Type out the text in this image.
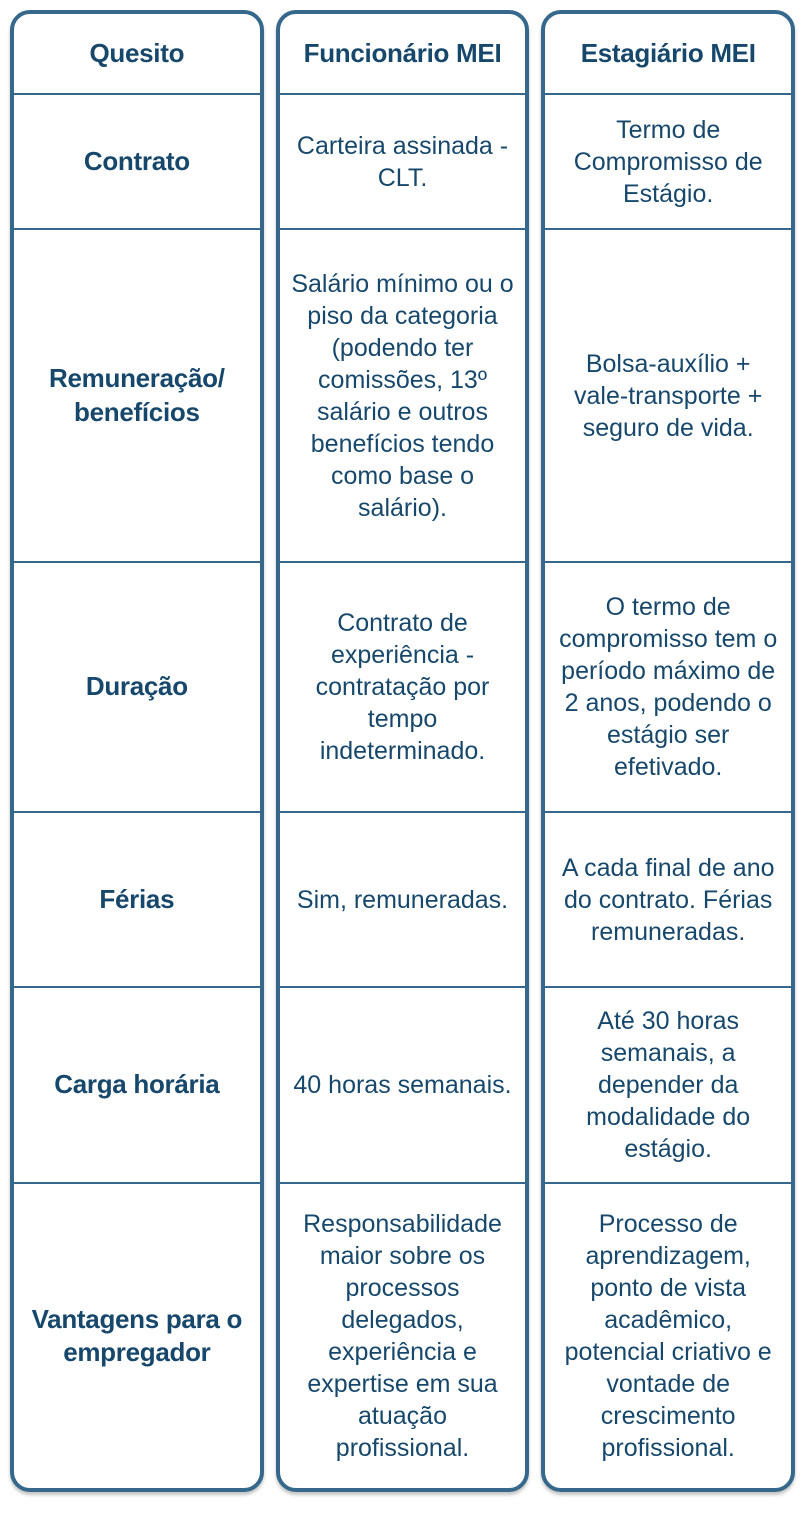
Quesito
Contrato
Remuneração/ benefícios
Duração
Férias
Carga horária
Vantagens para o empregador
Funcionário MEI
Carteira assinada - CLT.
Salário mínimo ou o piso da categoria (podendo ter comissões, 13º salário e outros benefícios tendo como base o salário).
Contrato de experiência - contratação por tempo indeterminado.
Sim, remuneradas.
40 horas semanais.
Responsabilidade maior sobre os processos delegados, experiência e expertise em sua atuação profissional.
Estagiário MEI
Termo de Compromisso de Estágio.
Bolsa-auxílio + vale-transporte + seguro de vida.
O termo de compromisso tem o período máximo de 2 anos, podendo o estágio ser efetivado.
A cada final de ano do contrato. Férias remuneradas.
Até 30 horas semanais, a depender da modalidade do estágio.
Processo de aprendizagem, ponto de vista acadêmico, potencial criativo e vontade de crescimento profissional.
